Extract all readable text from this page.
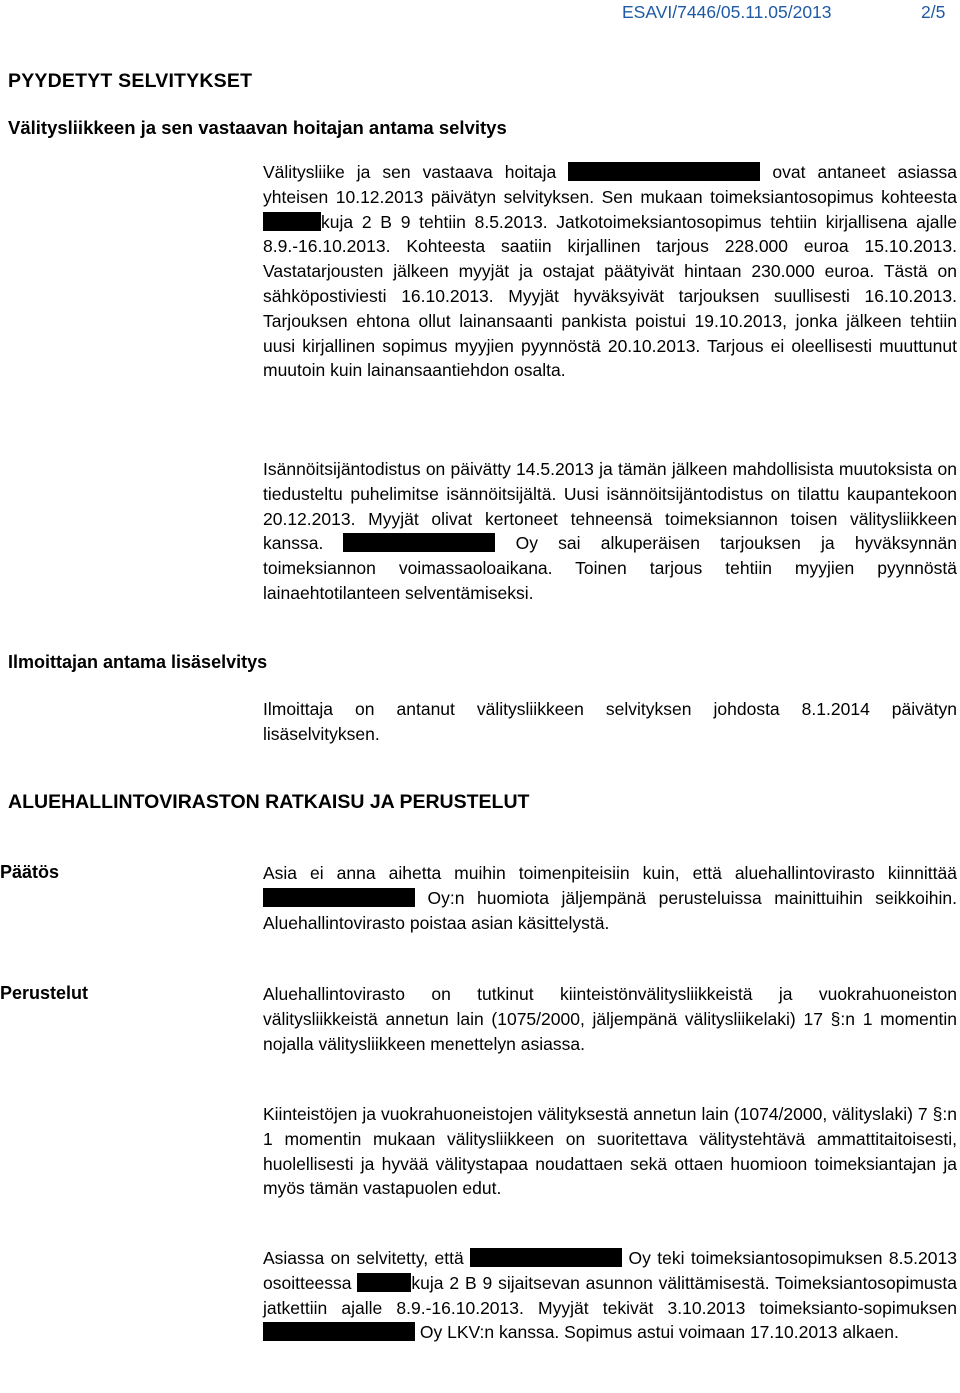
ESAVI/7446/05.11.05/2013	2/5
PYYDETYT SELVITYKSET
Välitysliikkeen ja sen vastaavan hoitajan antama selvitys

Välitysliike ja sen vastaava hoitaja	ovat antaneet asiassa yhteisen 10.12.2013 päivätyn selvityksen. Sen mukaan toimeksiantosopimus kohteesta kuja 2 B 9 tehtiin 8.5.2013. Jatkotoimeksiantosopimus tehtiin kirjallisena ajalle 8.9.-16.10.2013. Kohteesta saatiin kirjallinen tarjous 228.000 euroa 15.10.2013. Vastatarjousten jälkeen myyjät ja ostajat päätyivät hintaan 230.000 euroa. Tästä on sähköpostiviesti 16.10.2013. Myyjät hyväksyivät tarjouksen suullisesti 16.10.2013. Tarjouksen ehtona ollut lainansaanti pankista poistui 19.10.2013, jonka jälkeen tehtiin uusi kirjallinen sopimus myyjien pyynnöstä 20.10.2013. Tarjous ei oleellisesti muuttunut muutoin kuin lainansaantiehdon osalta.

Ilmoittajan antama lisäselvitys

Isännöitsijäntodistus on päivätty 14.5.2013 ja tämän jälkeen mahdollisista muutoksista on tiedusteltu puhelimitse isännöitsijältä. Uusi isännöitsijäntodistus on tilattu kaupantekoon 20.12.2013. Myyjät olivat kertoneet tehneensä toimeksiannon toisen välitysliikkeen kanssa.	Oy sai alkuperäisen tarjouksen ja hyväksynnän toimeksiannon voimassaoloaikana. Toinen tarjous tehtiin myyjien pyynnöstä lainaehtotilanteen selventämiseksi.

Ilmoittaja on antanut välitysliikkeen selvityksen johdosta 8.1.2014 päivätyn lisäselvityksen.

ALUEHALLINTOVIRASTON RATKAISU JA PERUSTELUT
Päätös	Asia ei anna aihetta muihin toimenpiteisiin kuin, että aluehallintovirasto kiinnittää  Oy:n huomiota jäljempänä perusteluissa mainittuihin seikkoihin. Aluehallintovirasto poistaa asian käsittelystä.

Perustelut	Aluehallintovirasto on tutkinut kiinteistönvälitysliikkeistä ja vuokrahuoneiston välitysliikkeistä annetun lain (1075/2000, jäljempänä välitysliikelaki) 17 §:n 1 momentin nojalla välitysliikkeen menettelyn asiassa.

Kiinteistöjen ja vuokrahuoneistojen välityksestä annetun lain (1074/2000, välityslaki) 7 §:n 1 momentin mukaan välitysliikkeen on suoritettava välitystehtävä ammattitaitoisesti, huolellisesti ja hyvää välitystapaa noudattaen sekä ottaen huomioon toimeksiantajan ja myös tämän vastapuolen edut.

Asiassa on selvitetty, että	Oy teki toimeksiantosopimuksen 8.5.2013 osoitteessa	kuja 2 B 9 sijaitsevan asunnon välittämisestä. Toimeksiantosopimusta jatkettiin ajalle 8.9.-16.10.2013. Myyjät tekivät 3.10.2013 toimeksianto-sopimuksen  Oy LKV:n kanssa. Sopimus astui voimaan 17.10.2013 alkaen.
